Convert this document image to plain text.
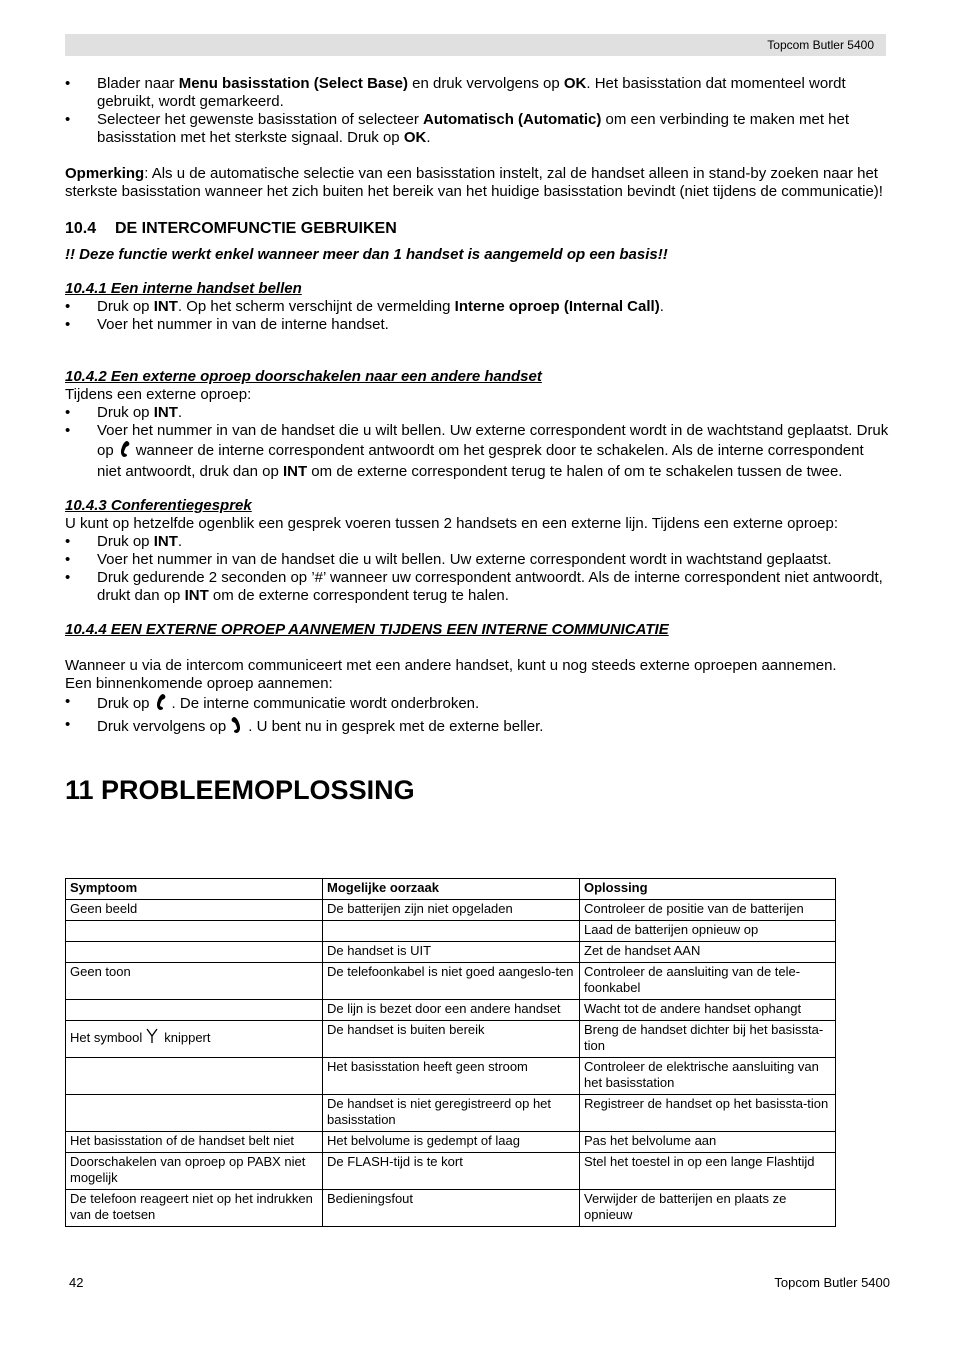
Topcom Butler 5400
• Blader naar Menu basisstation (Select Base) en druk vervolgens op OK. Het basisstation dat momenteel wordt gebruikt, wordt gemarkeerd.
• Selecteer het gewenste basisstation of selecteer Automatisch (Automatic) om een verbinding te maken met het basisstation met het sterkste signaal. Druk op OK.

Opmerking: Als u de automatische selectie van een basisstation instelt, zal de handset alleen in stand-by zoeken naar het sterkste basisstation wanneer het zich buiten het bereik van het huidige basisstation bevindt (niet tijdens de communicatie)!

10.4 DE INTERCOMFUNCTIE GEBRUIKEN

!! Deze functie werkt enkel wanneer meer dan 1 handset is aangemeld op een basis!!

10.4.1 Een interne handset bellen

• Druk op INT. Op het scherm verschijnt de vermelding Interne oproep (Internal Call).
• Voer het nummer in van de interne handset.

10.4.2 Een externe oproep doorschakelen naar een andere handset

Tijdens een externe oproep:

• Druk op INT.
• Voer het nummer in van de handset die u wilt bellen. Uw externe correspondent wordt in de wachtstand geplaatst. Druk op wanneer de interne correspondent antwoordt om het gesprek door te schakelen. Als de interne correspondent niet antwoordt, druk dan op INT om de externe correspondent terug te halen of om te schakelen tussen de twee.

10.4.3 Conferentiegesprek

U kunt op hetzelfde ogenblik een gesprek voeren tussen 2 handsets en een externe lijn. Tijdens een externe oproep:

• Druk op INT.
• Voer het nummer in van de handset die u wilt bellen. Uw externe correspondent wordt in wachtstand geplaatst.
• Druk gedurende 2 seconden op ’#’ wanneer uw correspondent antwoordt. Als de interne correspondent niet antwoordt, drukt dan op INT om de externe correspondent terug te halen.

10.4.4 EEN EXTERNE OPROEP AANNEMEN TIJDENS EEN INTERNE COMMUNICATIE

Wanneer u via de intercom communiceert met een andere handset, kunt u nog steeds externe oproepen aannemen.

Een binnenkomende oproep aannemen:

• Druk op . De interne communicatie wordt onderbroken.
• Druk vervolgens op . U bent nu in gesprek met de externe beller.
11 PROBLEEMOPLOSSING
Symptoom	Mogelijke oorzaak	Oplossing
Geen beeld	De batterijen zijn niet opgeladen	Controleer de positie van de batterijen
		Laad de batterijen opnieuw op
	De handset is UIT	Zet de handset AAN
Geen toon	De telefoonkabel is niet goed aangeslo-ten	Controleer de aansluiting van de tele-foonkabel
	De lijn is bezet door een andere handset	Wacht tot de andere handset ophangt
Het symbool knippert	De handset is buiten bereik	Breng de handset dichter bij het basissta-tion
	Het basisstation heeft geen stroom	Controleer de elektrische aansluiting van het basisstation
	De handset is niet geregistreerd op het basisstation	Registreer de handset op het basissta-tion
Het basisstation of de handset belt niet	Het belvolume is gedempt of laag	Pas het belvolume aan
Doorschakelen van oproep op PABX niet mogelijk	De FLASH-tijd is te kort	Stel het toestel in op een lange Flashtijd
De telefoon reageert niet op het indrukken van de toetsen	Bedieningsfout	Verwijder de batterijen en plaats ze opnieuw
42	Topcom Butler 5400
